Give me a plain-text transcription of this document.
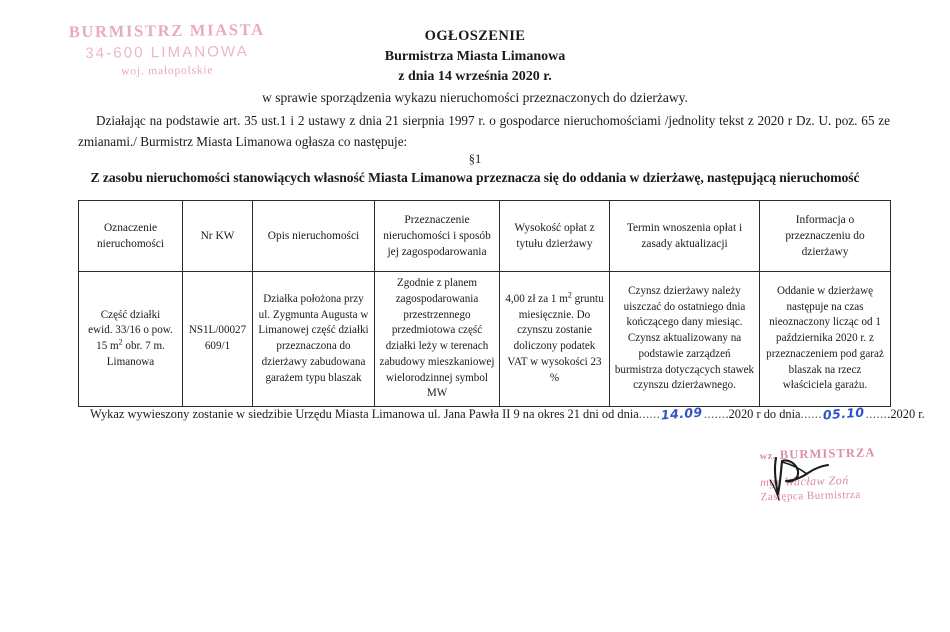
BURMISTRZ MIASTA
34-600 LIMANOWA
woj. małopolskie
OGŁOSZENIE
Burmistrza Miasta Limanowa
z dnia 14 września 2020 r.
w sprawie sporządzenia wykazu nieruchomości przeznaczonych do dzierżawy.
Działając na podstawie art. 35 ust.1 i 2 ustawy z dnia 21 sierpnia 1997 r. o gospodarce nieruchomościami /jednolity tekst z 2020 r Dz. U. poz. 65 ze zmianami./ Burmistrz Miasta Limanowa ogłasza co następuje:
§1
Z zasobu nieruchomości stanowiących własność Miasta Limanowa przeznacza się do oddania w dzierżawę, następującą nieruchomość
Oznaczenie nieruchomości	Nr KW	Opis nieruchomości	Przeznaczenie nieruchomości i sposób jej zagospodarowania	Wysokość opłat z tytułu dzierżawy	Termin wnoszenia opłat i zasady aktualizacji	Informacja o przeznaczeniu do dzierżawy
Część działki
ewid. 33/16 o pow.
15 $m^2$ obr. 7 m.
Limanowa	NS1L/00027
609/1	Działka położona przy ul. Zygmunta Augusta w Limanowej część działki przeznaczona do dzierżawy zabudowana garażem typu blaszak	Zgodnie z planem zagospodarowania przestrzennego przedmiotowa część działki leży w terenach zabudowy mieszkaniowej wielorodzinnej symbol MW	4,00 zł za 1 $m^2$ gruntu miesięcznie. Do czynszu zostanie doliczony podatek VAT w wysokości 23 %	Czynsz dzierżawy należy uiszczać do ostatniego dnia kończącego dany miesiąc. Czynsz aktualizowany na podstawie zarządzeń burmistrza dotyczących stawek czynszu dzierżawnego.	Oddanie w dzierżawę następuje na czas nieoznaczony licząc od 1 października 2020 r. z przeznaczeniem pod garaż blaszak na rzecz właściciela garażu.
Wykaz wywieszony zostanie w siedzibie Urzędu Miasta Limanowa ul. Jana Pawła II 9 na okres 21 dni od dnia......14.09.......2020 r do dnia......05.10.......2020 r.
wz. BURMISTRZA
mgr Wacław Zoń
Zastępca Burmistrza
